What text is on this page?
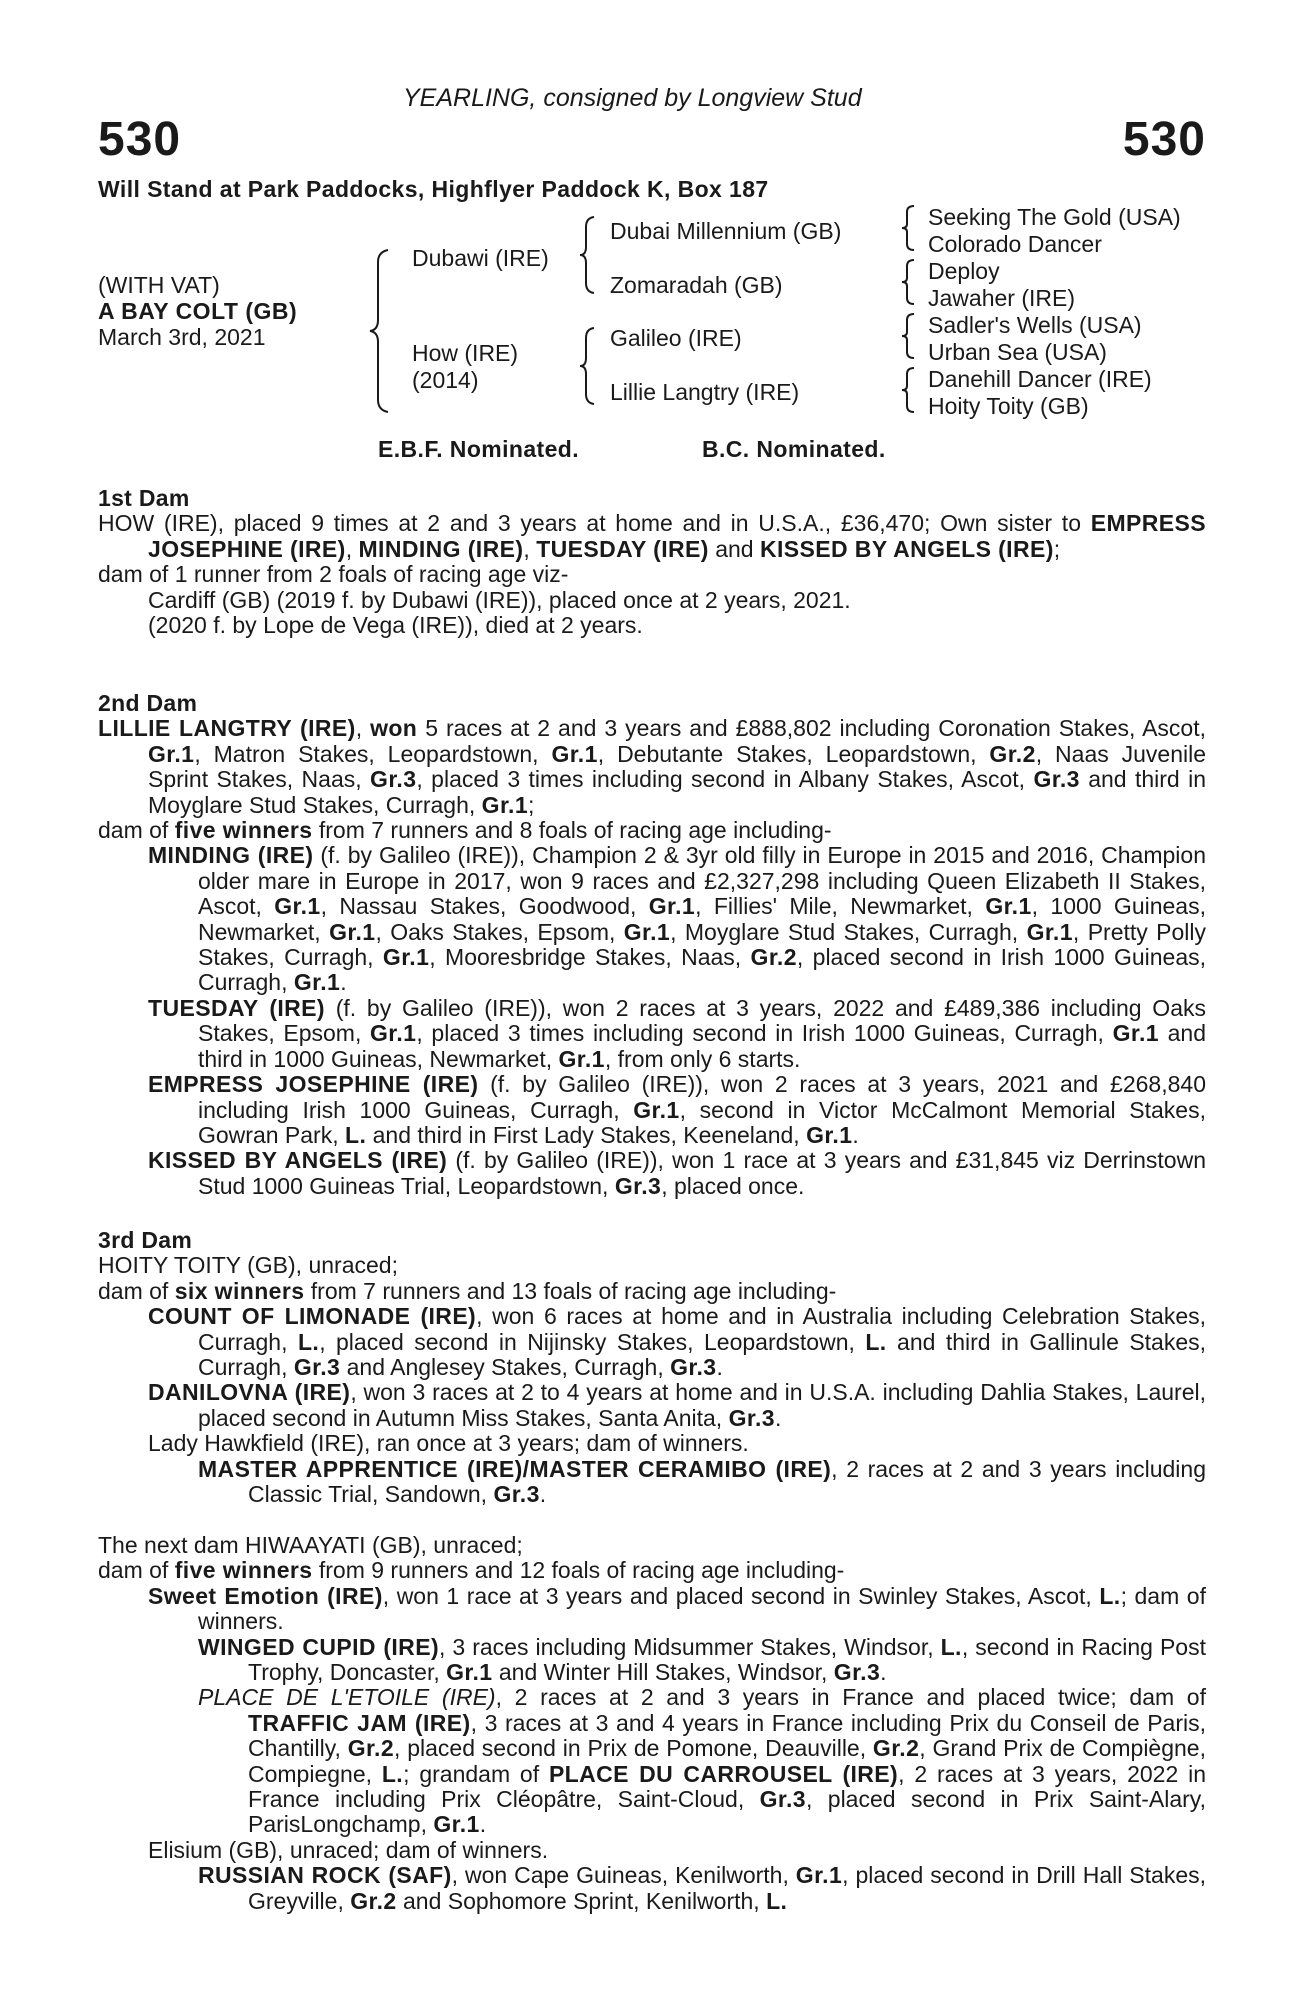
YEARLING, consigned by Longview Stud
530	530
Will Stand at Park Paddocks, Highflyer Paddock K, Box 187
(WITH VAT)
A BAY COLT (GB)
March 3rd, 2021
Dubawi (IRE)
How (IRE)
(2014)
Dubai Millennium (GB)
Zomaradah (GB)
Galileo (IRE)
Lillie Langtry (IRE)
Seeking The Gold (USA)
Colorado Dancer
Deploy
Jawaher (IRE)
Sadler's Wells (USA)
Urban Sea (USA)
Danehill Dancer (IRE)
Hoity Toity (GB)
E.B.F. Nominated.	B.C. Nominated.

1st Dam

HOW (IRE), placed 9 times at 2 and 3 years at home and in U.S.A., £36,470; Own sister to EMPRESS JOSEPHINE (IRE), MINDING (IRE), TUESDAY (IRE) and KISSED BY ANGELS (IRE);

dam of 1 runner from 2 foals of racing age viz-

Cardiff (GB) (2019 f. by Dubawi (IRE)), placed once at 2 years, 2021.

(2020 f. by Lope de Vega (IRE)), died at 2 years.

2nd Dam

LILLIE LANGTRY (IRE), won 5 races at 2 and 3 years and £888,802 including Coronation Stakes, Ascot, Gr.1, Matron Stakes, Leopardstown, Gr.1, Debutante Stakes, Leopardstown, Gr.2, Naas Juvenile Sprint Stakes, Naas, Gr.3, placed 3 times including second in Albany Stakes, Ascot, Gr.3 and third in Moyglare Stud Stakes, Curragh, Gr.1;

dam of five winners from 7 runners and 8 foals of racing age including-

MINDING (IRE) (f. by Galileo (IRE)), Champion 2 & 3yr old filly in Europe in 2015 and 2016, Champion older mare in Europe in 2017, won 9 races and £2,327,298 including Queen Elizabeth II Stakes, Ascot, Gr.1, Nassau Stakes, Goodwood, Gr.1, Fillies' Mile, Newmarket, Gr.1, 1000 Guineas, Newmarket, Gr.1, Oaks Stakes, Epsom, Gr.1, Moyglare Stud Stakes, Curragh, Gr.1, Pretty Polly Stakes, Curragh, Gr.1, Mooresbridge Stakes, Naas, Gr.2, placed second in Irish 1000 Guineas, Curragh, Gr.1.

TUESDAY (IRE) (f. by Galileo (IRE)), won 2 races at 3 years, 2022 and £489,386 including Oaks Stakes, Epsom, Gr.1, placed 3 times including second in Irish 1000 Guineas, Curragh, Gr.1 and third in 1000 Guineas, Newmarket, Gr.1, from only 6 starts.

EMPRESS JOSEPHINE (IRE) (f. by Galileo (IRE)), won 2 races at 3 years, 2021 and £268,840 including Irish 1000 Guineas, Curragh, Gr.1, second in Victor McCalmont Memorial Stakes, Gowran Park, L. and third in First Lady Stakes, Keeneland, Gr.1.

KISSED BY ANGELS (IRE) (f. by Galileo (IRE)), won 1 race at 3 years and £31,845 viz Derrinstown Stud 1000 Guineas Trial, Leopardstown, Gr.3, placed once.

3rd Dam

HOITY TOITY (GB), unraced;

dam of six winners from 7 runners and 13 foals of racing age including-

COUNT OF LIMONADE (IRE), won 6 races at home and in Australia including Celebration Stakes, Curragh, L., placed second in Nijinsky Stakes, Leopardstown, L. and third in Gallinule Stakes, Curragh, Gr.3 and Anglesey Stakes, Curragh, Gr.3.

DANILOVNA (IRE), won 3 races at 2 to 4 years at home and in U.S.A. including Dahlia Stakes, Laurel, placed second in Autumn Miss Stakes, Santa Anita, Gr.3.

Lady Hawkfield (IRE), ran once at 3 years; dam of winners.

MASTER APPRENTICE (IRE)/MASTER CERAMIBO (IRE), 2 races at 2 and 3 years including Classic Trial, Sandown, Gr.3.

The next dam HIWAAYATI (GB), unraced;

dam of five winners from 9 runners and 12 foals of racing age including-

Sweet Emotion (IRE), won 1 race at 3 years and placed second in Swinley Stakes, Ascot, L.; dam of winners.

WINGED CUPID (IRE), 3 races including Midsummer Stakes, Windsor, L., second in Racing Post Trophy, Doncaster, Gr.1 and Winter Hill Stakes, Windsor, Gr.3.

PLACE DE L'ETOILE (IRE), 2 races at 2 and 3 years in France and placed twice; dam of TRAFFIC JAM (IRE), 3 races at 3 and 4 years in France including Prix du Conseil de Paris, Chantilly, Gr.2, placed second in Prix de Pomone, Deauville, Gr.2, Grand Prix de Compiègne, Compiegne, L.; grandam of PLACE DU CARROUSEL (IRE), 2 races at 3 years, 2022 in France including Prix Cléopâtre, Saint-Cloud, Gr.3, placed second in Prix Saint-Alary, ParisLongchamp, Gr.1.

Elisium (GB), unraced; dam of winners.

RUSSIAN ROCK (SAF), won Cape Guineas, Kenilworth, Gr.1, placed second in Drill Hall Stakes, Greyville, Gr.2 and Sophomore Sprint, Kenilworth, L.
